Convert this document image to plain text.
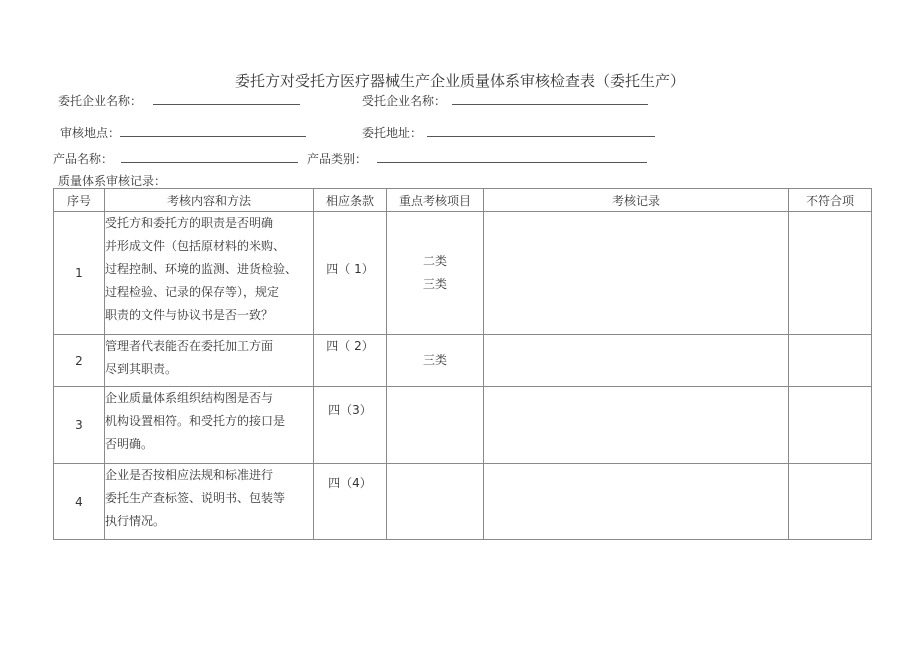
委托方对受托方医疗器械生产企业质量体系审核检查表（委托生产）
委托企业名称：	受托企业名称：
审核地点：	委托地址：
产品名称：	产品类别：
质量体系审核记录：
序号	考核内容和方法	相应条款	重点考核项目	考核记录	不符合项
1	受托方和委托方的职责是否明确
并形成文件（包括原材料的米购、
过程控制、环境的监测、进货检验、
过程检验、记录的保存等），规定
职责的文件与协议书是否一致？	四（ 1）	二类
三类		

2	管理者代表能否在委托加工方面
尽到其职责。	四（ 2）	三类		

3	企业质量体系组织结构图是否与
机构设置相符。和受托方的接口是
否明确。	四（3）			
4	企业是否按相应法规和标准进行
委托生产查标签、说明书、包装等
执行情况。	四（4）			
